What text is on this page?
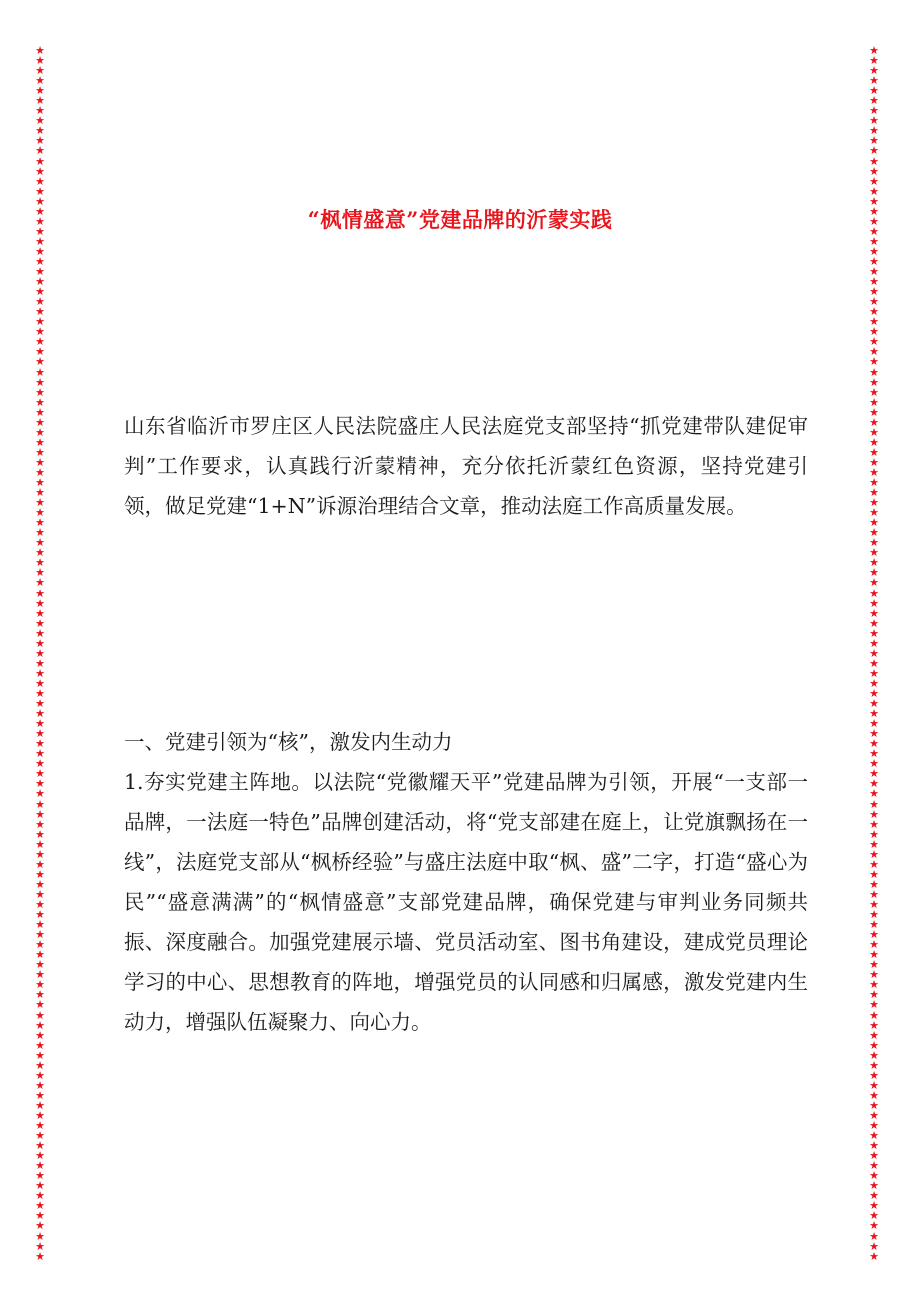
★
★
★
★
★
★
★
★
★
★
★
★
★
★
★
★
★
★
★
★
★
★
★
★
★
★
★
★
★
★
★
★
★
★
★
★
★
★
★
★
★
★
★
★
★
★
★
★
★
★
★
★
★
★
★
★
★
★
★
★
★
★
★
★
★
★
★
★
★
★
★
★
★
★
★
★
★
★
★
★
★
★
★
★
★
★
★
★
★
★
★
★
★
★
★
★
★
★
★
★
★
★
★
★
★
★
★
★
★
★
★
★
★
★
★
★
★
★
★
★
★
★
★
★
★
★
★
★
★
★
★
★
★
★
★
★
★
★
★
★
★
★
★
★
★
★
★
★
★
★
★
★
★
★
★
★
★
★
★
★
★
★
★
★
★
★
★
★
★
★
★
★
★
★
★
★
★
★
★
★
★
★
★
★
★
★
★
★
★
★
★
★
★
★
★
★
★
★
★
★
★
★
★
★
★
★
★
★
★
★
★
★
★
★
★
★
★
★
★
★
★
★
★
★
★
★
★
★
★
★
★
★
★
★
★
★
★
★
★
★
★
★
“枫情盛意”党建品牌的沂蒙实践

山东省临沂市罗庄区人民法院盛庄人民法庭党支部坚持“抓党建带队建促审判”工作要求，认真践行沂蒙精神，充分依托沂蒙红色资源，坚持党建引领，做足党建“1+N”诉源治理结合文章，推动法庭工作高质量发展。

一、党建引领为“核”，激发内生动力

1.夯实党建主阵地。以法院“党徽耀天平”党建品牌为引领，开展“一支部一品牌，一法庭一特色”品牌创建活动，将“党支部建在庭上，让党旗飘扬在一线”，法庭党支部从“枫桥经验”与盛庄法庭中取“枫、盛”二字，打造“盛心为民”“盛意满满”的“枫情盛意”支部党建品牌，确保党建与审判业务同频共振、深度融合。加强党建展示墙、党员活动室、图书角建设，建成党员理论学习的中心、思想教育的阵地，增强党员的认同感和归属感，激发党建内生动力，增强队伍凝聚力、向心力。
